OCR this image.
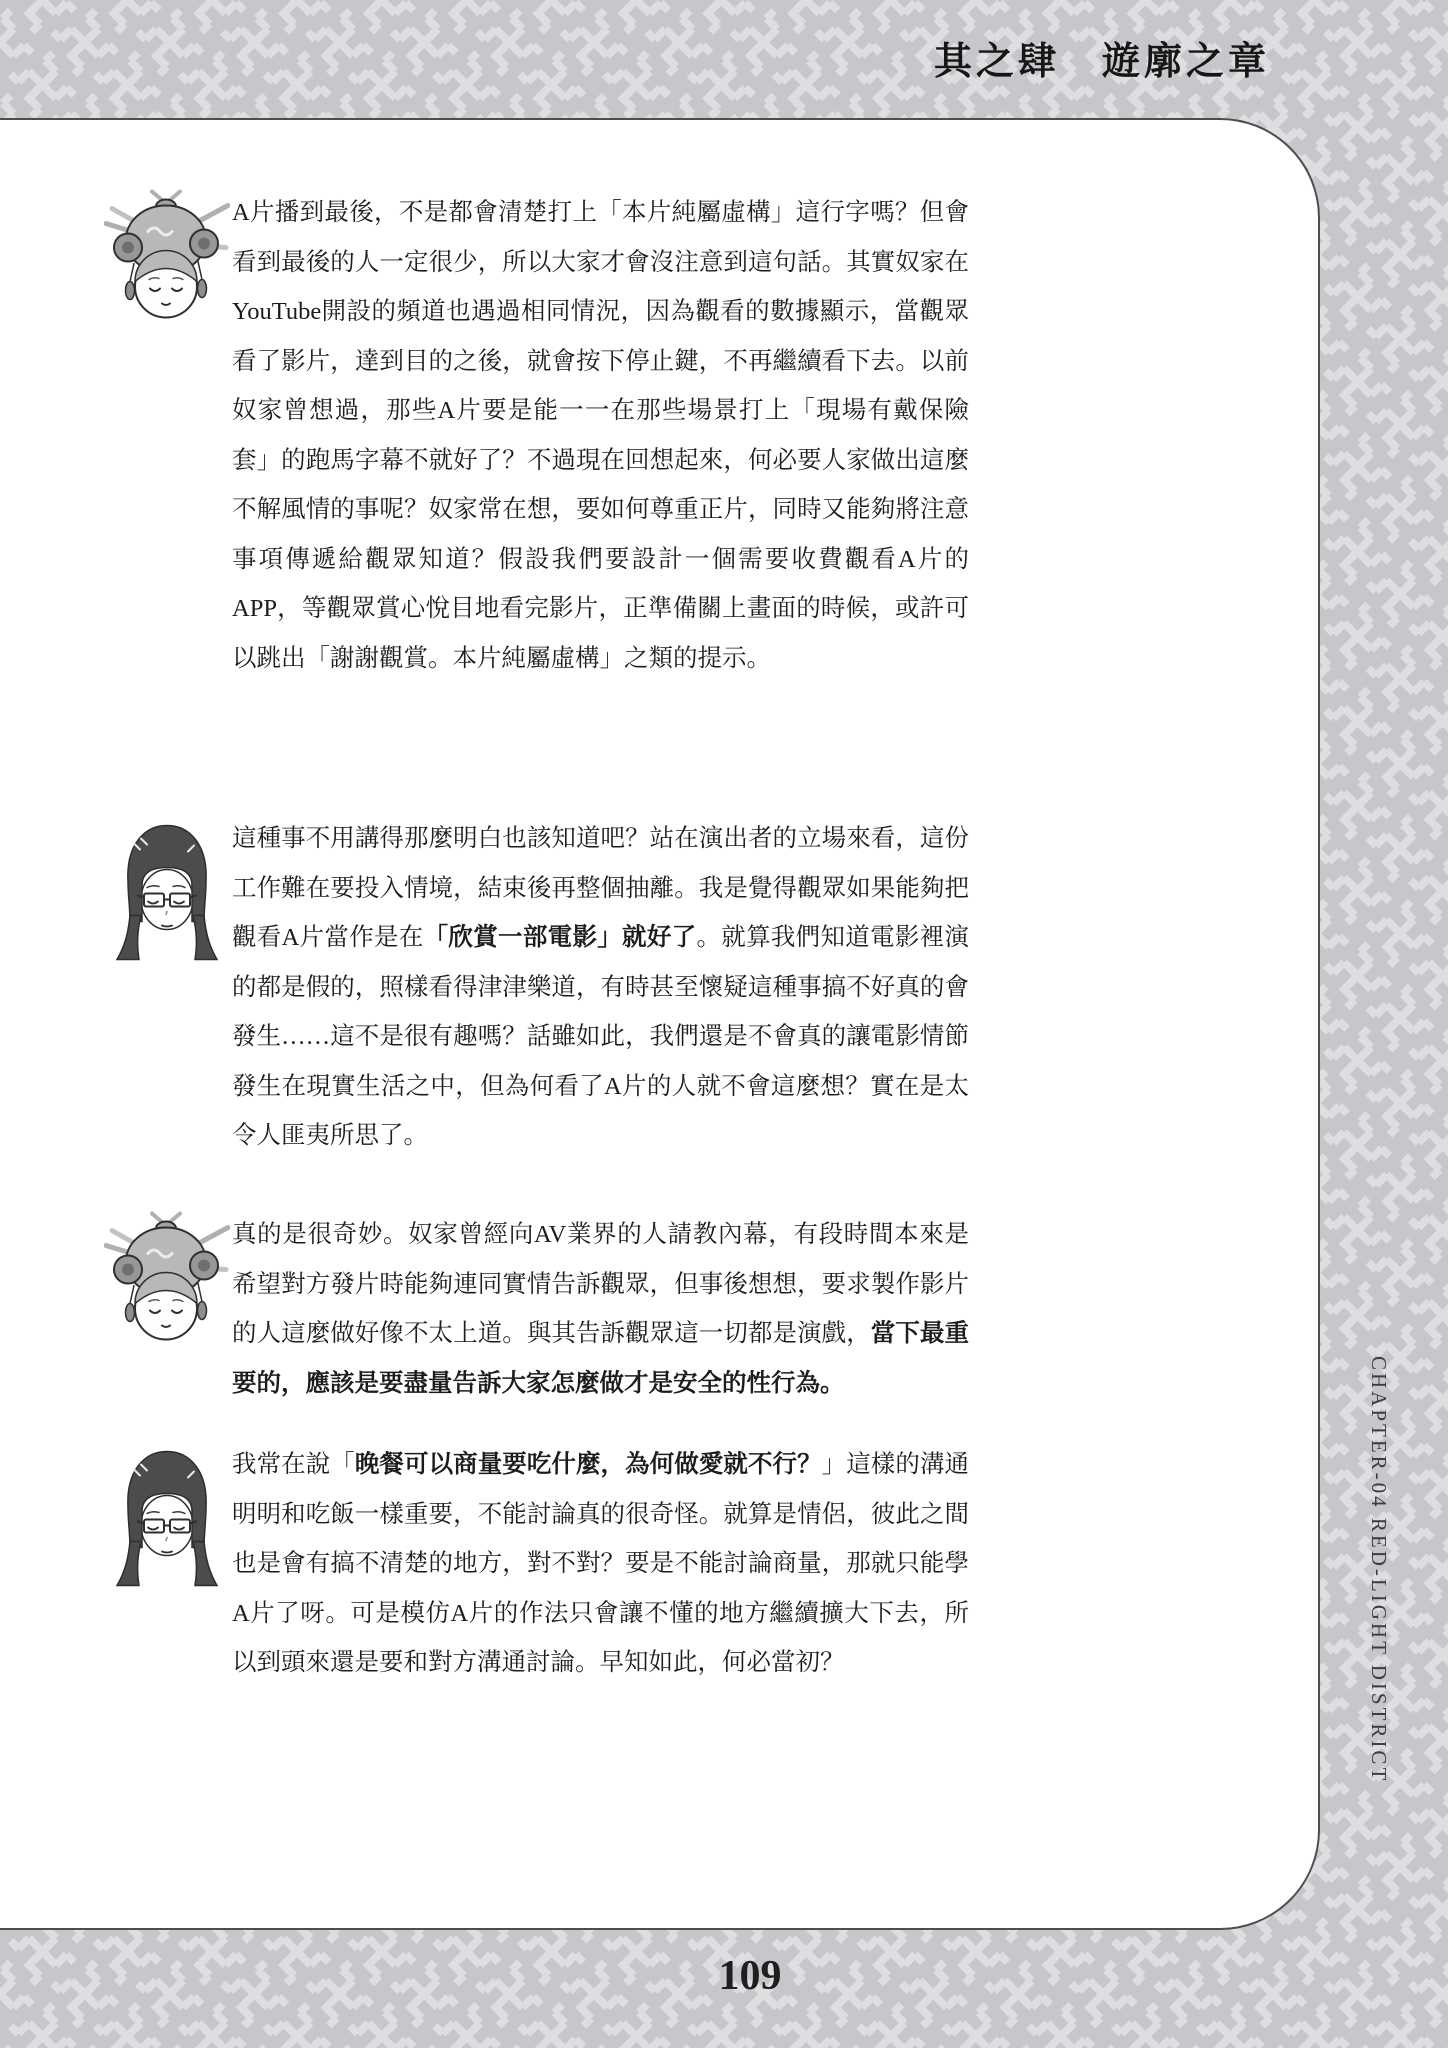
其之肆　遊廓之章

A片播到最後，不是都會清楚打上「本片純屬虛構」這行字嗎？但會看到最後的人一定很少，所以大家才會沒注意到這句話。其實奴家在YouTube開設的頻道也遇過相同情況，因為觀看的數據顯示，當觀眾看了影片，達到目的之後，就會按下停止鍵，不再繼續看下去。以前奴家曾想過，那些A片要是能一一在那些場景打上「現場有戴保險套」的跑馬字幕不就好了？不過現在回想起來，何必要人家做出這麼不解風情的事呢？奴家常在想，要如何尊重正片，同時又能夠將注意事項傳遞給觀眾知道？假設我們要設計一個需要收費觀看A片的APP，等觀眾賞心悅目地看完影片，正準備關上畫面的時候，或許可以跳出「謝謝觀賞。本片純屬虛構」之類的提示。

這種事不用講得那麼明白也該知道吧？站在演出者的立場來看，這份工作難在要投入情境，結束後再整個抽離。我是覺得觀眾如果能夠把觀看A片當作是在「欣賞一部電影」就好了。就算我們知道電影裡演的都是假的，照樣看得津津樂道，有時甚至懷疑這種事搞不好真的會發生……這不是很有趣嗎？話雖如此，我們還是不會真的讓電影情節發生在現實生活之中，但為何看了A片的人就不會這麼想？實在是太令人匪夷所思了。

真的是很奇妙。奴家曾經向AV業界的人請教內幕，有段時間本來是希望對方發片時能夠連同實情告訴觀眾，但事後想想，要求製作影片的人這麼做好像不太上道。與其告訴觀眾這一切都是演戲，當下最重要的，應該是要盡量告訴大家怎麼做才是安全的性行為。

我常在說「晚餐可以商量要吃什麼，為何做愛就不行？」這樣的溝通明明和吃飯一樣重要，不能討論真的很奇怪。就算是情侶，彼此之間也是會有搞不清楚的地方，對不對？要是不能討論商量，那就只能學A片了呀。可是模仿A片的作法只會讓不懂的地方繼續擴大下去，所以到頭來還是要和對方溝通討論。早知如此，何必當初？	CHAPTER-04 RED-LIGHT DISTRICT
109
